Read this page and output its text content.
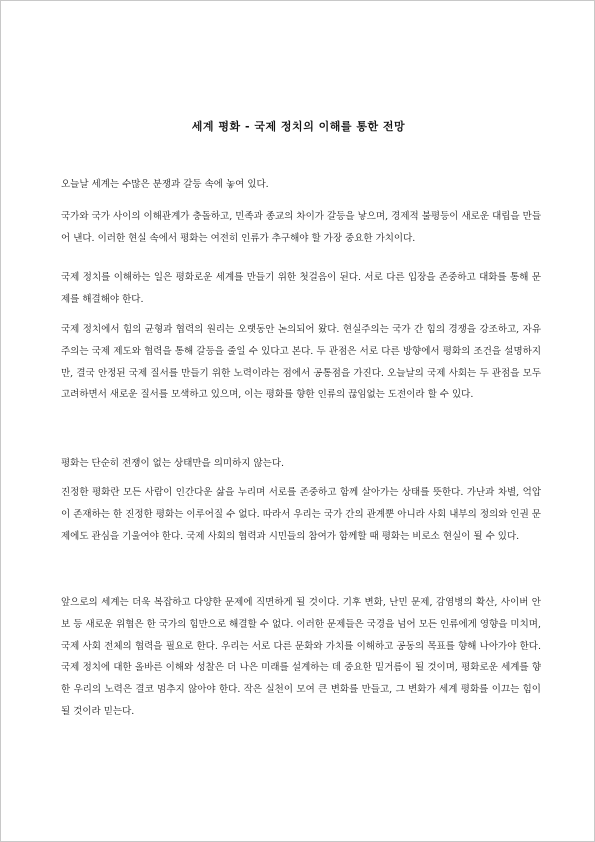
세계 평화 - 국제 정치의 이해를 통한 전망

오늘날 세계는 수많은 분쟁과 갈등 속에 놓여 있다.

국가와 국가 사이의 이해관계가 충돌하고, 민족과 종교의 차이가 갈등을 낳으며, 경제적 불평등이 새로운 대립을 만들어 낸다. 이러한 현실 속에서 평화는 여전히 인류가 추구해야 할 가장 중요한 가치이다.

국제 정치를 이해하는 일은 평화로운 세계를 만들기 위한 첫걸음이 된다. 서로 다른 입장을 존중하고 대화를 통해 문제를 해결해야 한다.

국제 정치에서 힘의 균형과 협력의 원리는 오랫동안 논의되어 왔다. 현실주의는 국가 간 힘의 경쟁을 강조하고, 자유주의는 국제 제도와 협력을 통해 갈등을 줄일 수 있다고 본다. 두 관점은 서로 다른 방향에서 평화의 조건을 설명하지만, 결국 안정된 국제 질서를 만들기 위한 노력이라는 점에서 공통점을 가진다. 오늘날의 국제 사회는 두 관점을 모두 고려하면서 새로운 질서를 모색하고 있으며, 이는 평화를 향한 인류의 끊임없는 도전이라 할 수 있다.

평화는 단순히 전쟁이 없는 상태만을 의미하지 않는다.

진정한 평화란 모든 사람이 인간다운 삶을 누리며 서로를 존중하고 함께 살아가는 상태를 뜻한다. 가난과 차별, 억압이 존재하는 한 진정한 평화는 이루어질 수 없다. 따라서 우리는 국가 간의 관계뿐 아니라 사회 내부의 정의와 인권 문제에도 관심을 기울여야 한다. 국제 사회의 협력과 시민들의 참여가 함께할 때 평화는 비로소 현실이 될 수 있다.

앞으로의 세계는 더욱 복잡하고 다양한 문제에 직면하게 될 것이다. 기후 변화, 난민 문제, 감염병의 확산, 사이버 안보 등 새로운 위협은 한 국가의 힘만으로 해결할 수 없다. 이러한 문제들은 국경을 넘어 모든 인류에게 영향을 미치며, 국제 사회 전체의 협력을 필요로 한다. 우리는 서로 다른 문화와 가치를 이해하고 공동의 목표를 향해 나아가야 한다. 국제 정치에 대한 올바른 이해와 성찰은 더 나은 미래를 설계하는 데 중요한 밑거름이 될 것이며, 평화로운 세계를 향한 우리의 노력은 결코 멈추지 않아야 한다. 작은 실천이 모여 큰 변화를 만들고, 그 변화가 세계 평화를 이끄는 힘이 될 것이라 믿는다.
